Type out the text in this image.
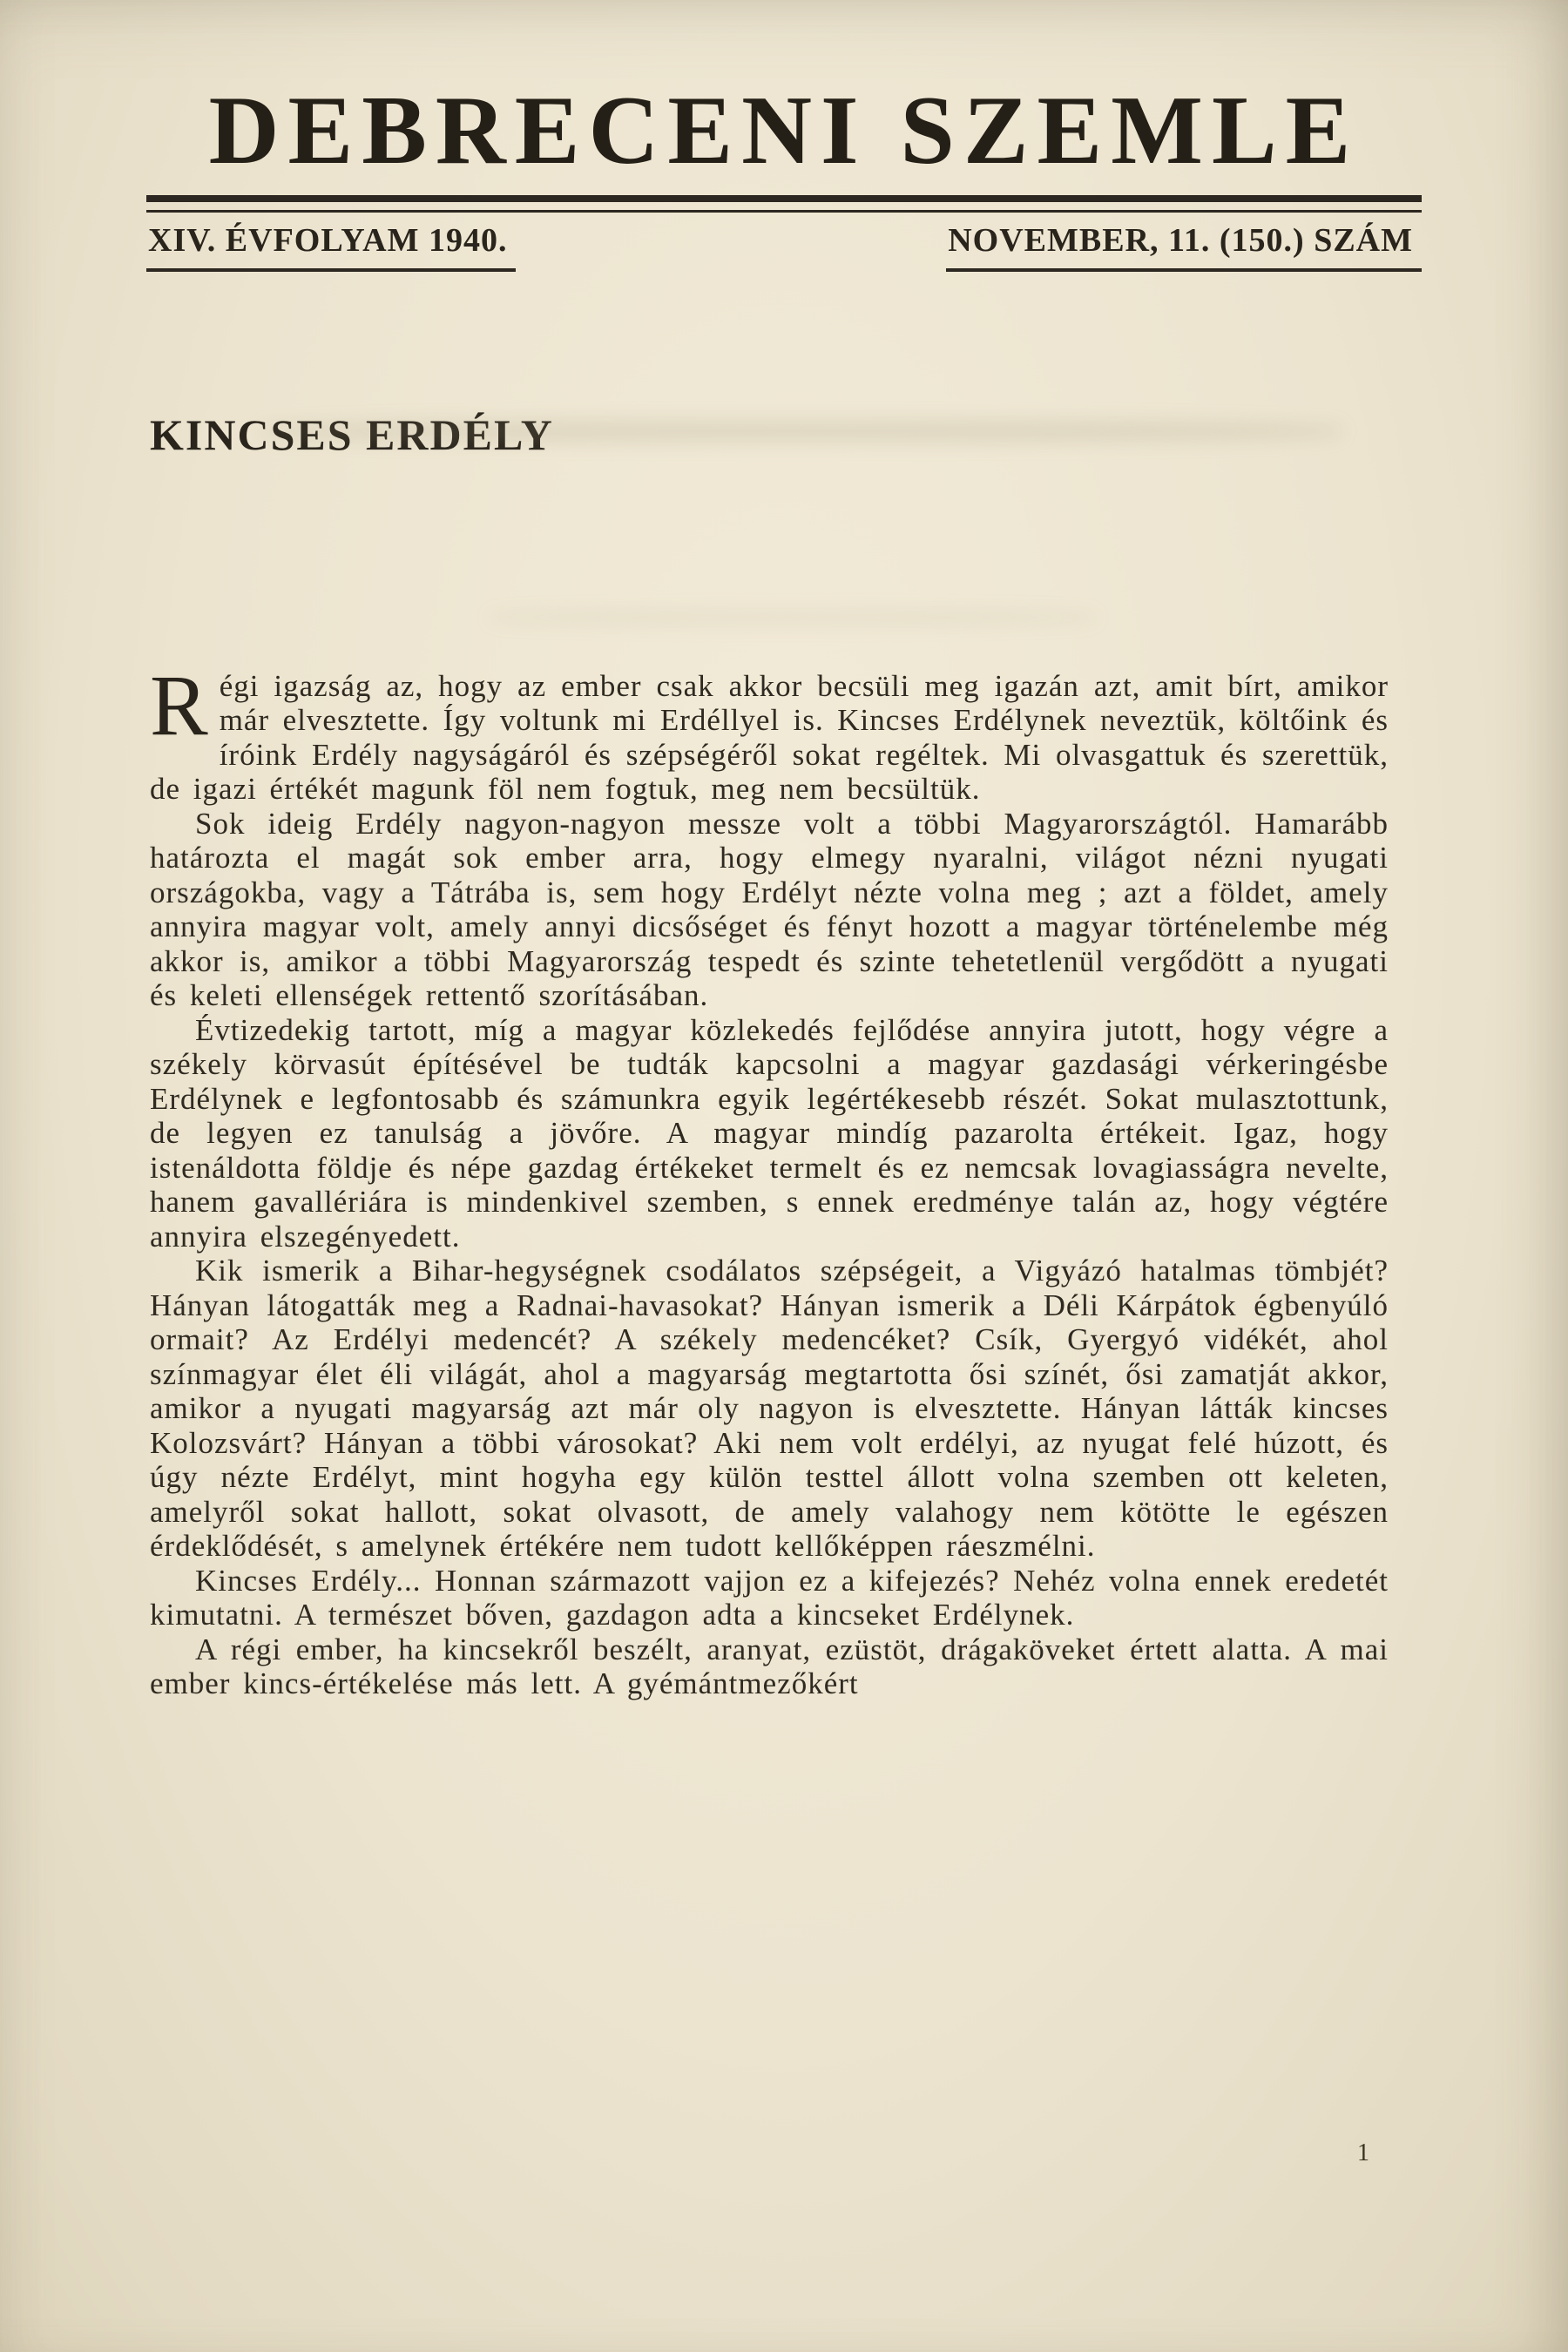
DEBRECENI SZEMLE
XIV. ÉVFOLYAM 1940.	NOVEMBER, 11. (150.) SZÁM
KINCSES ERDÉLY

Régi igazság az, hogy az ember csak akkor becsüli meg igazán azt, amit bírt, amikor már elvesztette. Így voltunk mi Erdéllyel is. Kincses Erdélynek neveztük, költőink és íróink Erdély nagyságáról és szépségéről sokat regéltek. Mi olvasgattuk és szerettük, de igazi értékét magunk föl nem fogtuk, meg nem becsültük.

Sok ideig Erdély nagyon-nagyon messze volt a többi Magyarországtól. Hamarább határozta el magát sok ember arra, hogy elmegy nyaralni, világot nézni nyugati országokba, vagy a Tátrába is, sem hogy Erdélyt nézte volna meg ; azt a földet, amely annyira magyar volt, amely annyi dicsőséget és fényt hozott a magyar történelembe még akkor is, amikor a többi Magyarország tespedt és szinte tehetetlenül vergődött a nyugati és keleti ellenségek rettentő szorításában.

Évtizedekig tartott, míg a magyar közlekedés fejlődése annyira jutott, hogy végre a székely körvasút építésével be tudták kapcsolni a magyar gazdasági vérkeringésbe Erdélynek e legfontosabb és számunkra egyik legértékesebb részét. Sokat mulasztottunk, de legyen ez tanulság a jövőre. A magyar mindíg pazarolta értékeit. Igaz, hogy istenáldotta földje és népe gazdag értékeket termelt és ez nemcsak lovagiasságra nevelte, hanem gavallériára is mindenkivel szemben, s ennek eredménye talán az, hogy végtére annyira elszegényedett.

Kik ismerik a Bihar-hegységnek csodálatos szépségeit, a Vigyázó hatalmas tömbjét? Hányan látogatták meg a Radnai-havasokat? Hányan ismerik a Déli Kárpátok égbenyúló ormait? Az Erdélyi medencét? A székely medencéket? Csík, Gyergyó vidékét, ahol színmagyar élet éli világát, ahol a magyarság megtartotta ősi színét, ősi zamatját akkor, amikor a nyugati magyarság azt már oly nagyon is elvesztette. Hányan látták kincses Kolozsvárt? Hányan a többi városokat? Aki nem volt erdélyi, az nyugat felé húzott, és úgy nézte Erdélyt, mint hogyha egy külön testtel állott volna szemben ott keleten, amelyről sokat hallott, sokat olvasott, de amely valahogy nem kötötte le egészen érdeklődését, s amelynek értékére nem tudott kellőképpen ráeszmélni.

Kincses Erdély... Honnan származott vajjon ez a kifejezés? Nehéz volna ennek eredetét kimutatni. A természet bőven, gazdagon adta a kincseket Erdélynek.

A régi ember, ha kincsekről beszélt, aranyat, ezüstöt, drágaköveket értett alatta. A mai ember kincs-értékelése más lett. A gyémántmezőkért

1
